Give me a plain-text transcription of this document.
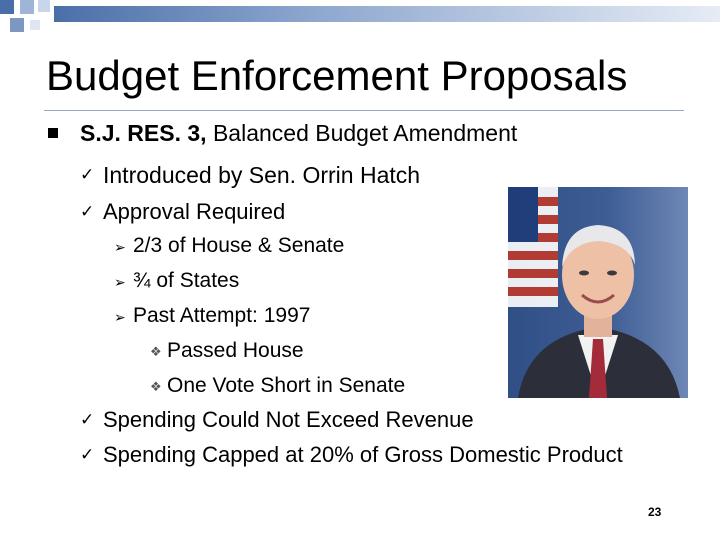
Budget Enforcement Proposals
S.J. RES. 3, Balanced Budget Amendment
✓ Introduced by Sen. Orrin Hatch
✓ Approval Required
➢ 2/3 of House & Senate
➢ ¾ of States
➢ Past Attempt: 1997
❖ Passed House
❖ One Vote Short in Senate
✓ Spending Could Not Exceed Revenue
✓ Spending Capped at 20% of Gross Domestic Product
23
